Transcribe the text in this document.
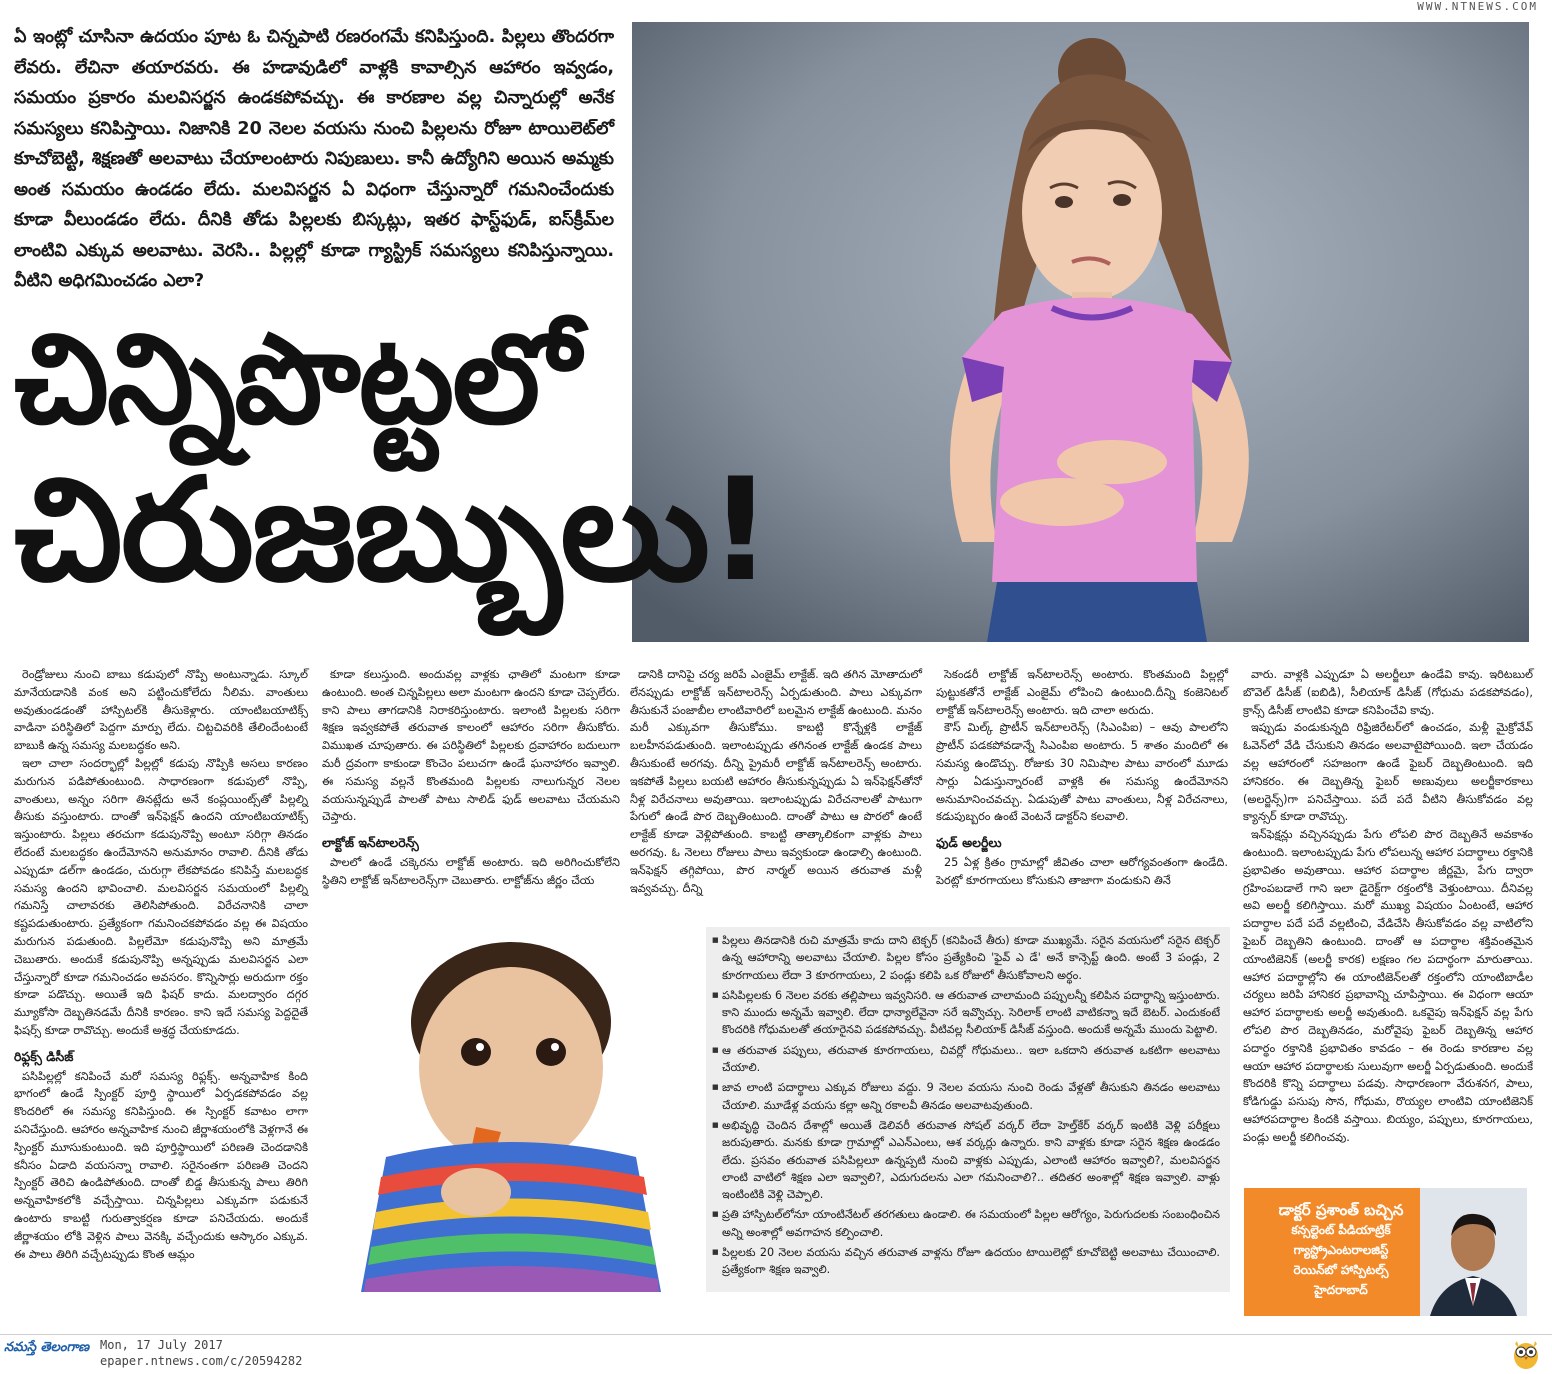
WWW.NTNEWS.COM
ఏ ఇంట్లో చూసినా ఉదయం పూట ఓ చిన్నపాటి రణరంగమే కనిపిస్తుంది. పిల్లలు తొందరగా లేవరు. లేచినా తయారవరు. ఈ హడావుడిలో వాళ్లకి కావాల్సిన ఆహారం ఇవ్వడం, సమయం ప్రకారం మలవిసర్జన ఉండకపోవచ్చు. ఈ కారణాల వల్ల చిన్నారుల్లో అనేక సమస్యలు కనిపిస్తాయి. నిజానికి 20 నెలల వయసు నుంచి పిల్లలను రోజూ టాయిలెట్‌లో కూచోబెట్టి, శిక్షణతో అలవాటు చేయాలంటారు నిపుణులు. కానీ ఉద్యోగిని అయిన అమ్మకు అంత సమయం ఉండడం లేదు. మలవిసర్జన ఏ విధంగా చేస్తున్నారో గమనించేందుకు కూడా వీలుండడం లేదు. దీనికి తోడు పిల్లలకు బిస్కట్లు, ఇతర ఫాస్ట్‌ఫుడ్, ఐస్‌క్రీమ్‌ల లాంటివి ఎక్కువ అలవాటు. వెరసి.. పిల్లల్లో కూడా గ్యాస్ట్రిక్ సమస్యలు కనిపిస్తున్నాయి. వీటిని అధిగమించడం ఎలా?
చిన్నిపొట్టలో
చిరుజబ్బులు!

రెండ్రోజులు నుంచి బాబు కడుపులో నొప్పి అంటున్నాడు. స్కూల్ మానేయడానికి వంక అని పట్టించుకోలేదు నీలిమ. వాంతులు అవుతుండడంతో హాస్పిటల్‌కి తీసుకెళ్లారు. యాంటిబయాటిక్స్ వాడినా పరిస్థితిలో పెద్దగా మార్పు లేదు. చిట్టచివరికి తేలిందేంటంటే బాబుకి ఉన్న సమస్య మలబద్ధకం అని.

ఇలా చాలా సందర్భాల్లో పిల్లల్లో కడుపు నొప్పికి అసలు కారణం మరుగున పడిపోతుంటుంది. సాధారణంగా కడుపులో నొప్పి, వాంతులు, అన్నం సరిగా తినట్లేదు అనే కంప్లయింట్స్‌తో పిల్లల్ని తీసుకు వస్తుంటారు. దాంతో ఇన్‌ఫెక్షన్ ఉందని యాంటిబయాటిక్స్ ఇస్తుంటారు. పిల్లలు తరచుగా కడుపునొప్పి అంటూ సరిగ్గా తినడం లేదంటే మలబద్ధకం ఉందేమోనని అనుమానం రావాలి. దీనికి తోడు ఎప్పుడూ డల్‌గా ఉండడం, చురుగ్గా లేకపోవడం కనిపిస్తే మలబద్ధక సమస్య ఉందని భావించాలి. మలవిసర్జన సమయంలో పిల్లల్ని గమనిస్తే చాలావరకు తెలిసిపోతుంది. విరేచనానికి చాలా కష్టపడుతుంటారు. ప్రత్యేకంగా గమనించకపోవడం వల్ల ఈ విషయం మరుగున పడుతుంది. పిల్లలేమో కడుపునొప్పి అని మాత్రమే చెబుతారు. అందుకే కడుపునొప్పి అన్నప్పుడు మలవిసర్జన ఎలా చేస్తున్నారో కూడా గమనించడం అవసరం. కొన్నిసార్లు అరుదుగా రక్తం కూడా పడొచ్చు. అయితే ఇది ఫిషర్ కాదు. మలద్వారం దగ్గర మ్యూకోసా దెబ్బతినడమే దీనికి కారణం. కాని ఇదే సమస్య పెద్దదైతే ఫిషర్స్ కూడా రావొచ్చు. అందుకే అశ్రద్ధ చేయకూడదు.

రిఫ్లక్స్ డిసీజ్

పసిపిల్లల్లో కనిపించే మరో సమస్య రిఫ్లక్స్. అన్నవాహిక కింది భాగంలో ఉండే స్పింక్టర్ పూర్తి స్థాయిలో ఏర్పడకపోవడం వల్ల కొందరిలో ఈ సమస్య కనిపిస్తుంది. ఈ స్పింక్టర్ కవాటం లాగా పనిచేస్తుంది. ఆహారం అన్నవాహిక నుంచి జీర్ణాశయంలోకి వెళ్లగానే ఈ స్పింక్టర్ మూసుకుంటుంది. ఇది పూర్తిస్థాయిలో పరిణతి చెందడానికి కనీసం ఏడాది వయసన్నా రావాలి. సరైనంతగా పరిణతి చెందని స్పింక్టర్ తెరిచి ఉండిపోతుంది. దాంతో బిడ్డ తీసుకున్న పాలు తిరిగి అన్నవాహికలోకి వచ్చేస్తాయి. చిన్నపిల్లలు ఎక్కువగా పడుకునే ఉంటారు కాబట్టి గురుత్వాకర్షణ కూడా పనిచేయదు. అందుకే జీర్ణాశయం లోకి వెళ్లిన పాలు వెనక్కి వచ్చేందుకు ఆస్కారం ఎక్కువ. ఈ పాలు తిరిగి వచ్చేటప్పుడు కొంత ఆమ్లం

కూడా కలుస్తుంది. అందువల్ల వాళ్లకు ఛాతిలో మంటగా కూడా ఉంటుంది. అంత చిన్నపిల్లలు అలా మంటగా ఉందని కూడా చెప్పలేరు. కాని పాలు తాగడానికి నిరాకరిస్తుంటారు. ఇలాంటి పిల్లలకు సరిగా శిక్షణ ఇవ్వకపోతే తరువాత కాలంలో ఆహారం సరిగా తీసుకోరు. విముఖత చూపుతారు. ఈ పరిస్థితిలో పిల్లలకు ద్రవాహారం బదులుగా మరీ ద్రవంగా కాకుండా కొంచెం పలుచగా ఉండే ఘనాహారం ఇవ్వాలి. ఈ సమస్య వల్లనే కొంతమంది పిల్లలకు నాలుగున్నర నెలల వయసున్నప్పుడే పాలతో పాటు సాలిడ్ ఫుడ్ అలవాటు చేయమని చెప్తారు.

లాక్టోజ్ ఇన్‌టాలరెన్స్

పాలలో ఉండే చక్కెరను లాక్టోజ్ అంటారు. ఇది అరిగించుకోలేని స్థితిని లాక్టోజ్ ఇన్‌టాలరెన్స్‌గా చెబుతారు. లాక్టోజ్‌ను జీర్ణం చేయ

డానికి దానిపై చర్య జరిపే ఎంజైమ్ లాక్టేజ్. ఇది తగిన మోతాదులో లేనప్పుడు లాక్టోజ్ ఇన్‌టాలరెన్స్ ఏర్పడుతుంది. పాలు ఎక్కువగా తీసుకునే పంజాబీల లాంటివారిలో బలమైన లాక్టేజ్ ఉంటుంది. మనం మరీ ఎక్కువగా తీసుకోము. కాబట్టి కొన్నేళ్లకి లాక్టేజ్ బలహీనపడుతుంది. ఇలాంటప్పుడు తగినంత లాక్టేజ్ ఉండక పాలు తీసుకుంటే అరగవు. దీన్ని ప్రైమరీ లాక్టోజ్ ఇన్‌టాలరెన్స్ అంటారు. ఇకపోతే పిల్లలు బయటి ఆహారం తీసుకున్నప్పుడు ఏ ఇన్‌ఫెక్షన్‌తోనో నీళ్ల విరేచనాలు అవుతాయి. ఇలాంటప్పుడు విరేచనాలతో పాటుగా పేగులో ఉండే పొర దెబ్బతింటుంది. దాంతో పాటు ఆ పొరలో ఉంటే లాక్టేజ్ కూడా వెళ్లిపోతుంది. కాబట్టి తాత్కాలికంగా వాళ్లకు పాలు అరగవు. ఓ నెలలు రోజులు పాలు ఇవ్వకుండా ఉండాల్సి ఉంటుంది. ఇన్‌ఫెక్షన్ తగ్గిపోయి, పొర నార్మల్ అయిన తరువాత మళ్లీ ఇవ్వవచ్చు. దీన్ని

సెకండరీ లాక్టోజ్ ఇన్‌టాలరెన్స్ అంటారు. కొంతమంది పిల్లల్లో పుట్టుకతోనే లాక్టేజ్ ఎంజైమ్ లోపించి ఉంటుంది.దీన్ని కంజెనిటల్ లాక్టోజ్ ఇన్‌టాలరెన్స్ అంటారు. ఇది చాలా అరుదు.

కౌస్ మిల్క్ ప్రొటీన్ ఇన్‌టాలరెన్స్ (సిఎంపిఐ) – ఆవు పాలలోని ప్రొటీన్ పడకపోవడాన్నే సిఎంపిఐ అంటారు. 5 శాతం మందిలో ఈ సమస్య ఉండొచ్చు. రోజుకు 30 నిమిషాల పాటు వారంలో మూడు సార్లు ఏడుస్తున్నారంటే వాళ్లకి ఈ సమస్య ఉందేమోనని అనుమానించవచ్చు. ఏడుపుతో పాటు వాంతులు, నీళ్ల విరేచనాలు, కడుపుబ్బరం ఉంటే వెంటనే డాక్టర్‌ని కలవాలి.

ఫుడ్ అలర్జీలు

25 ఏళ్ల క్రితం గ్రామాల్లో జీవితం చాలా ఆరోగ్యవంతంగా ఉండేది. పెరట్లో కూరగాయలు కోసుకుని తాజాగా వండుకుని తినే

వారు. వాళ్లకి ఎప్పుడూ ఏ అలర్జీలూ ఉండేవి కావు. ఇరిటబుల్ బొవెల్ డిసీజ్ (ఐబిడి), సీలియాక్ డిసీజ్ (గోధుమ పడకపోవడం), క్రాన్స్ డిసీజ్ లాంటివి కూడా కనిపించేవి కావు.

ఇప్పుడు వండుకున్నది రిఫ్రిజిరేటర్‌లో ఉంచడం, మళ్లీ మైక్రోవేవ్ ఓవెన్‌లో వేడి చేసుకుని తినడం అలవాటైపోయింది. ఇలా చేయడం వల్ల ఆహారంలో సహజంగా ఉండే ఫైబర్ దెబ్బతింటుంది. ఇది హానికరం. ఈ దెబ్బతిన్న ఫైబర్ అణువులు అలర్జీకారకాలు (అలర్జెన్స్)గా పనిచేస్తాయి. పదే పదే వీటిని తీసుకోవడం వల్ల క్యాన్సర్ కూడా రావొచ్చు.

ఇన్‌ఫెక్షన్లు వచ్చినప్పుడు పేగు లోపలి పొర దెబ్బతినే అవకాశం ఉంటుంది. ఇలాంటప్పుడు పేగు లోపలున్న ఆహార పదార్థాలు రక్తానికి ప్రభావితం అవుతాయి. ఆహార పదార్థాల జీర్ణమై, పేగు ద్వారా గ్రహింపబడాలే గాని ఇలా డైరెక్ట్‌గా రక్తంలోకి వెళ్తుంటాయి. దీనివల్ల అవి అలర్జీ కలిగిస్తాయి. మరో ముఖ్య విషయం ఏంటంటే, ఆహార పదార్థాల పదే పదే వల్లటించి, వేడిచేసి తీసుకోవడం వల్ల వాటిలోని ఫైబర్ దెబ్బతిని ఉంటుంది. దాంతో ఆ పదార్థాల శక్తివంతమైన యాంటిజెనిక్ (అలర్జీ కారక) లక్షణం గల పదార్థంగా మారుతాయి. ఆహార పదార్థాల్లోని ఈ యాంటిజెన్‌లతో రక్తంలోని యాంటిబాడీల చర్యలు జరిపి హానికర ప్రభావాన్ని చూపిస్తాయి. ఈ విధంగా ఆయా ఆహార పదార్థాలకు అలర్జీ అవుతుంది. ఒకవైపు ఇన్‌ఫెక్షన్ వల్ల పేగు లోపలి పొర దెబ్బతినడం, మరోవైపు ఫైబర్ దెబ్బతిన్న ఆహార పదార్థం రక్తానికి ప్రభావితం కావడం – ఈ రెండు కారణాల వల్ల ఆయా ఆహార పదార్థాలకు సులువుగా అలర్జీ ఏర్పడుతుంది. అందుకే కొందరికి కొన్ని పదార్థాలు పడవు. సాధారణంగా వేరుశనగ, పాలు, కోడిగుడ్డు పసుపు సొన, గోధుమ, రొయ్యల లాంటివి యాంటిజెనిక్ ఆహారపదార్థాల కిందకి వస్తాయి. బియ్యం, పప్పులు, కూరగాయలు, పండ్లు అలర్జీ కలిగించవు.

■ పిల్లలు తినడానికి రుచి మాత్రమే కాదు దాని టెక్చర్ (కనిపించే తీరు) కూడా ముఖ్యమే. సరైన వయసులో సరైన టెక్చర్ ఉన్న ఆహారాన్ని అలవాటు చేయాలి. పిల్లల కోసం ప్రత్యేకించి 'ఫైవ్ ఎ డే' అనే కాన్సెప్ట్ ఉంది. అంటే 3 పండ్లు, 2 కూరగాయలు లేదా 3 కూరగాయలు, 2 పండ్లు కలిపి ఒక రోజులో తీసుకోవాలని అర్థం.
■ పసిపిల్లలకు 6 నెలల వరకు తల్లిపాలు ఇవ్వనిసరి. ఆ తరువాత చాలామంది పప్పులన్నీ కలిపిన పదార్థాన్ని ఇస్తుంటారు. కాని ముందు అన్నమే ఇవ్వాలి. లేదా ధాన్యాలేవైనా సరే ఇవ్వొచ్చు. సెరిలాక్ లాంటి వాటికన్నా ఇదే బెటర్. ఎందుకంటే కొందరికి గోధుమలతో తయారైనవి పడకపోవచ్చు. వీటివల్ల సీలియాక్ డిసీజ్ వస్తుంది. అందుకే అన్నమే ముందు పెట్టాలి.
■ ఆ తరువాత పప్పులు, తరువాత కూరగాయలు, చివర్లో గోధుమలు.. ఇలా ఒకదాని తరువాత ఒకటిగా అలవాటు చేయాలి.
■ జావ లాంటి పదార్థాలు ఎక్కువ రోజులు వద్దు. 9 నెలల వయసు నుంచి రెండు వేళ్లతో తీసుకుని తినడం అలవాటు చేయాలి. మూడేళ్ల వయసు కల్లా అన్ని రకాలవీ తినడం అలవాటవుతుంది.
■ అభివృద్ధి చెందిన దేశాల్లో అయితే డెలివరీ తరువాత సోషల్ వర్కర్ లేదా హెల్త్‌కేర్ వర్కర్ ఇంటికి వెళ్లి పరీక్షలు జరుపుతారు. మనకు కూడా గ్రామాల్లో ఎఎన్ఎంలు, ఆశ వర్కర్లు ఉన్నారు. కాని వాళ్లకు కూడా సరైన శిక్షణ ఉండడం లేదు. ప్రసవం తరువాత పసిపిల్లలూ ఉన్నప్పటి నుంచి వాళ్లకు ఎప్పుడు, ఎలాంటి ఆహారం ఇవ్వాలి?, మలవిసర్జన లాంటి వాటిలో శిక్షణ ఎలా ఇవ్వాలి?, ఎదుగుదలను ఎలా గమనించాలి?.. తదితర అంశాల్లో శిక్షణ ఇవ్వాలి. వాళ్లు ఇంటింటికి వెళ్లి చెప్పాలి.
■ ప్రతి హాస్పిటల్‌లోనూ యాంటినేటల్ తరగతులు ఉండాలి. ఈ సమయంలో పిల్లల ఆరోగ్యం, పెరుగుదలకు సంబంధించిన అన్ని అంశాల్లో అవగాహన కల్పించాలి.
■ పిల్లలకు 20 నెలల వయసు వచ్చిన తరువాత వాళ్లను రోజూ ఉదయం టాయిలెట్లో కూచోబెట్టి అలవాటు చేయించాలి. ప్రత్యేకంగా శిక్షణ ఇవ్వాలి.
డాక్టర్ ప్రశాంత్ బచ్చిన
కన్సల్టెంట్ పీడియాట్రిక్ గ్యాస్ట్రోఎంటరాలజిస్ట్
రెయిన్‌బో హాస్పిటల్స్
హైదరాబాద్
నమస్తే తెలంగాణ Mon, 17 July 2017
epaper.ntnews.com/c/20594282
